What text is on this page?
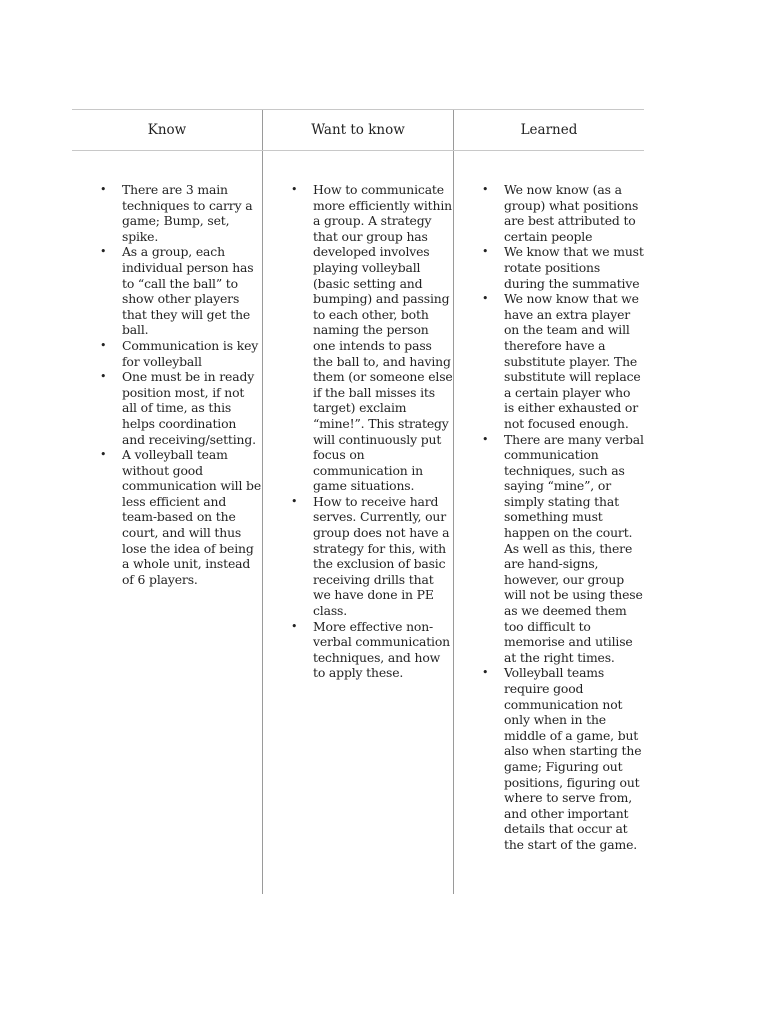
Know	Want to know	Learned
• There are 3 main techniques to carry a game; Bump, set, spike.
• As a group, each individual person has to “call the ball” to show other players that they will get the ball.
• Communication is key for volleyball
• One must be in ready position most, if not all of time, as this helps coordination and receiving/setting.
• A volleyball team without good communication will be less efficient and team-based on the court, and will thus lose the idea of being a whole unit, instead of 6 players.
• How to communicate more efficiently within a group. A strategy that our group has developed involves playing volleyball (basic setting and bumping) and passing to each other, both naming the person one intends to pass the ball to, and having them (or someone else if the ball misses its target) exclaim “mine!”. This strategy will continuously put focus on communication in game situations.
• How to receive hard serves. Currently, our group does not have a strategy for this, with the exclusion of basic receiving drills that we have done in PE class.
• More effective non-verbal communication techniques, and how to apply these.
• We now know (as a group) what positions are best attributed to certain people
• We know that we must rotate positions during the summative
• We now know that we have an extra player on the team and will therefore have a substitute player. The substitute will replace a certain player who is either exhausted or not focused enough.
• There are many verbal communication techniques, such as saying “mine”, or simply stating that something must happen on the court. As well as this, there are hand-signs, however, our group will not be using these as we deemed them too difficult to memorise and utilise at the right times.
• Volleyball teams require good communication not only when in the middle of a game, but also when starting the game; Figuring out positions, figuring out where to serve from, and other important details that occur at the start of the game.
